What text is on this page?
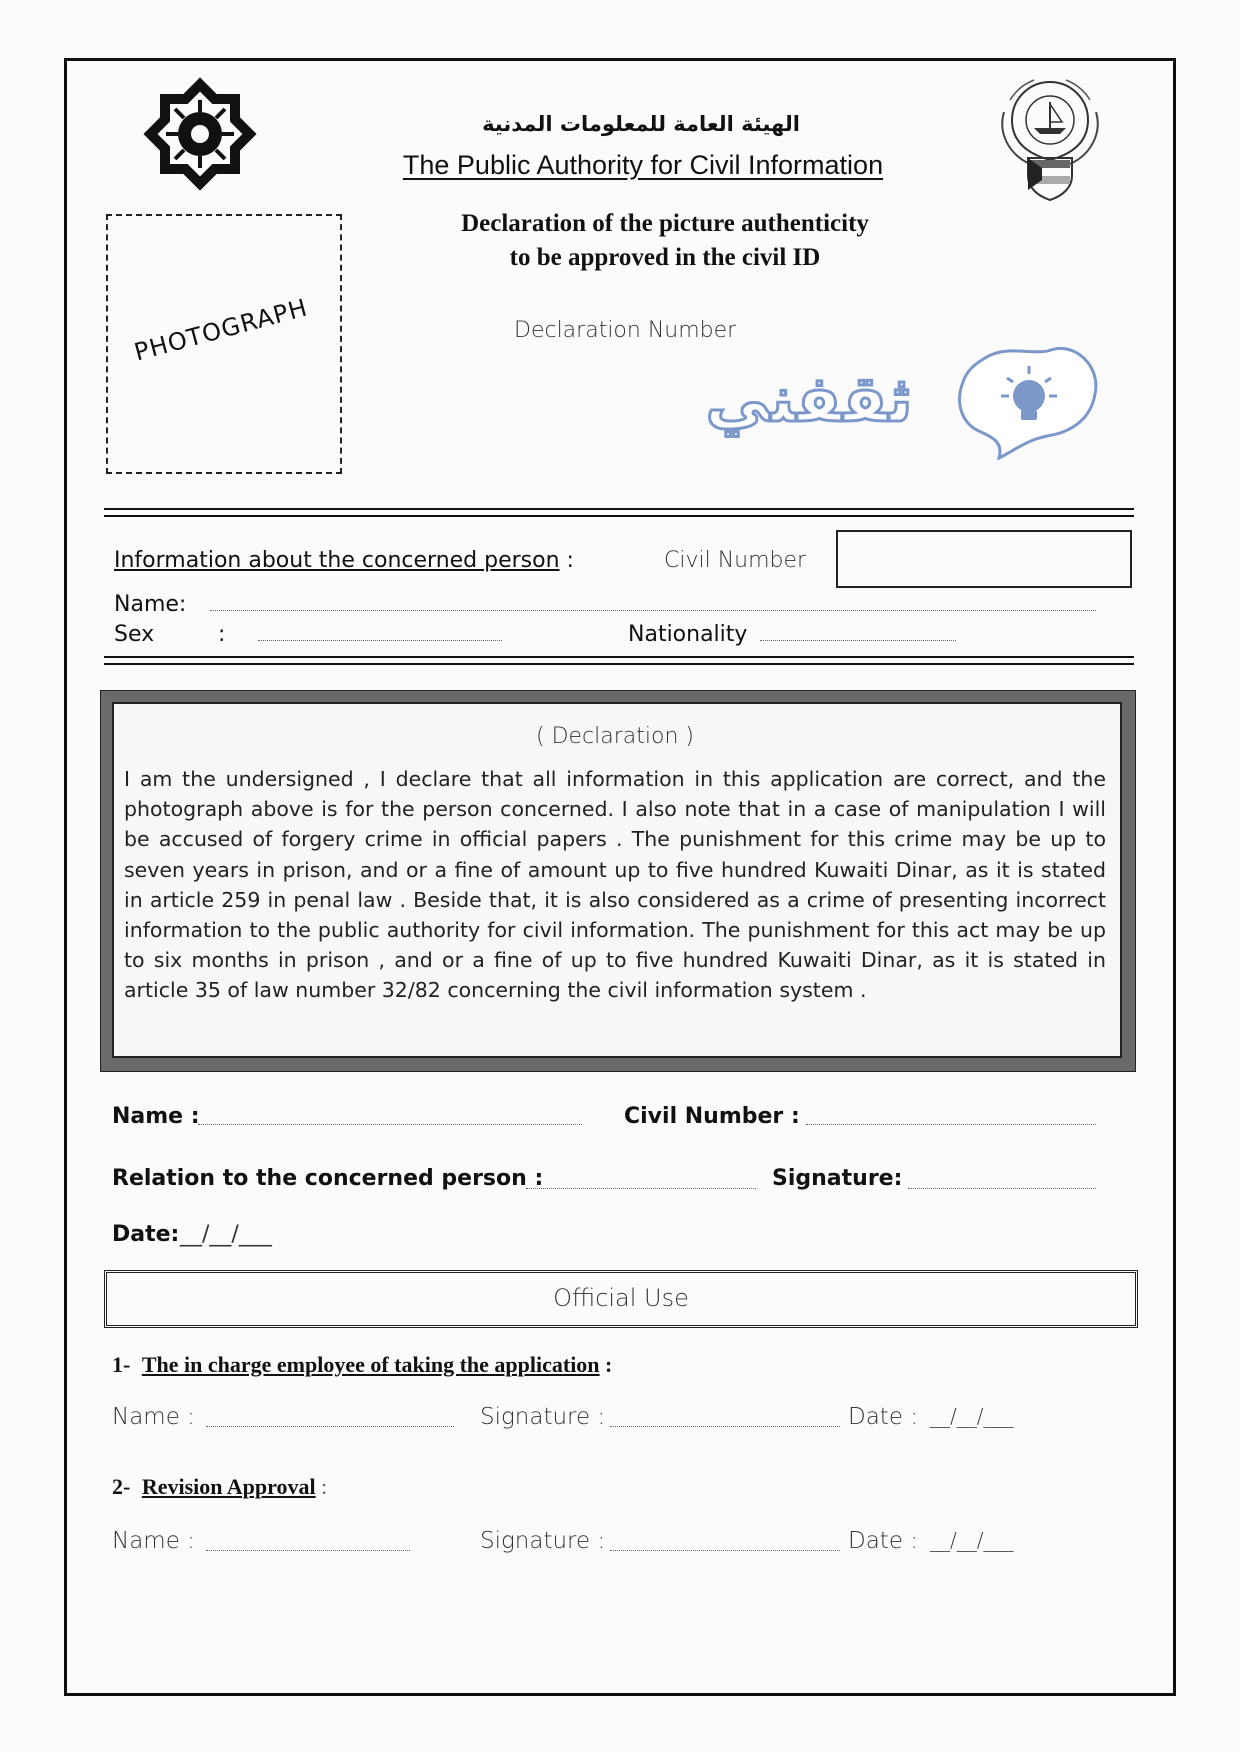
الهيئة العامة للمعلومات المدنية
The Public Authority for Civil Information
Declaration of the picture authenticity
to be approved in the civil ID
PHOTOGRAPH	Declaration Number
ثقفني
Information about the concerned person :	Civil Number
Name:
Sex	:	Nationality
( Declaration )
I am the undersigned , I declare that all information in this application are correct, and the photograph above is for the person concerned. I also note that in a case of manipulation I will be accused of forgery crime in official papers . The punishment for this crime may be up to seven years in prison, and or a fine of amount up to five hundred Kuwaiti Dinar, as it is stated in article 259 in penal law . Beside that, it is also considered as a crime of presenting incorrect information to the public authority for civil information. The punishment for this act may be up to six months in prison , and or a fine of up to five hundred Kuwaiti Dinar, as it is stated in article 35 of law number 32/82 concerning the civil information system .
Name :	Civil Number :
Relation to the concerned person :	Signature:
Date: __/__/___
Official Use
1- The in charge employee of taking the application :
Name :	Signature :	Date : __/__/___
2- Revision Approval :
Name :	Signature :	Date : __/__/___
